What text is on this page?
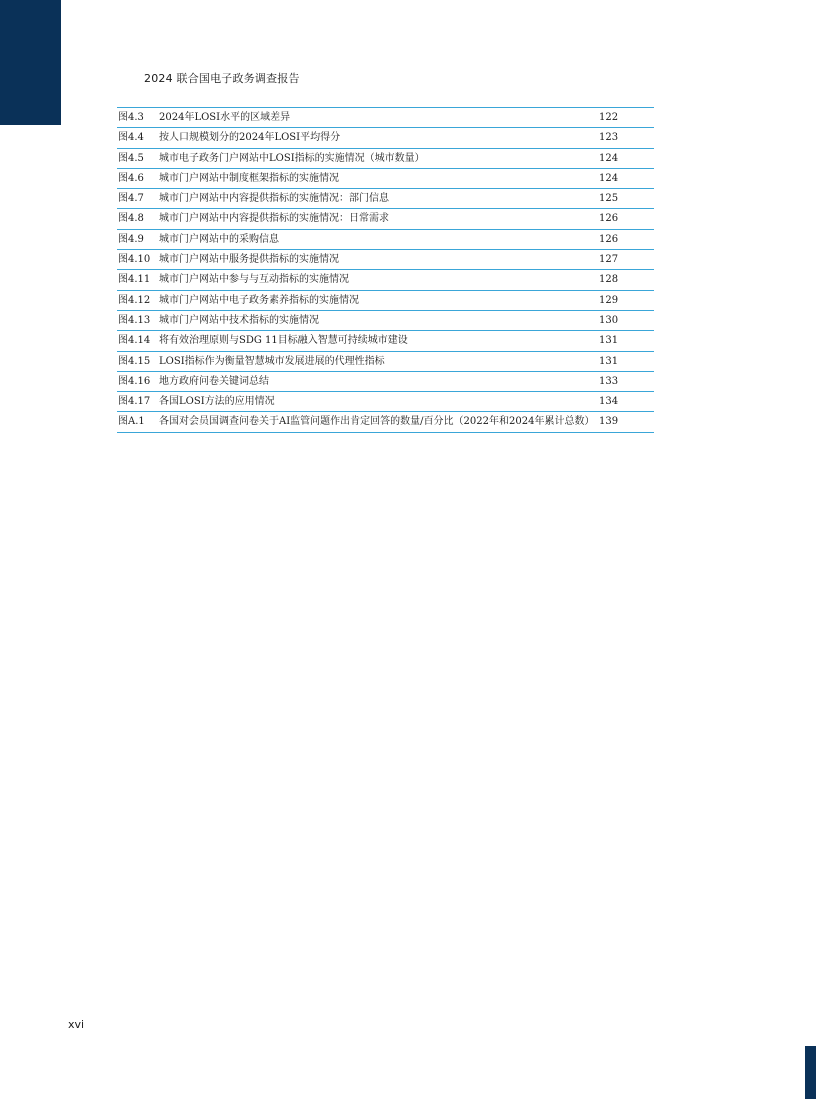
2024 联合国电子政务调查报告
图4.3 2024年LOSI水平的区域差异	122
图4.4 按人口规模划分的2024年LOSI平均得分	123
图4.5 城市电子政务门户网站中LOSI指标的实施情况（城市数量）	124
图4.6 城市门户网站中制度框架指标的实施情况	124
图4.7 城市门户网站中内容提供指标的实施情况：部门信息	125
图4.8 城市门户网站中内容提供指标的实施情况：日常需求	126
图4.9 城市门户网站中的采购信息	126
图4.10 城市门户网站中服务提供指标的实施情况	127
图4.11 城市门户网站中参与与互动指标的实施情况	128
图4.12 城市门户网站中电子政务素养指标的实施情况	129
图4.13 城市门户网站中技术指标的实施情况	130
图4.14 将有效治理原则与SDG 11目标融入智慧可持续城市建设	131
图4.15 LOSI指标作为衡量智慧城市发展进展的代理性指标	131
图4.16 地方政府问卷关键词总结	133
图4.17 各国LOSI方法的应用情况	134
图A.1 各国对会员国调查问卷关于AI监管问题作出肯定回答的数量/百分比（2022年和2024年累计总数） 139
xvi
